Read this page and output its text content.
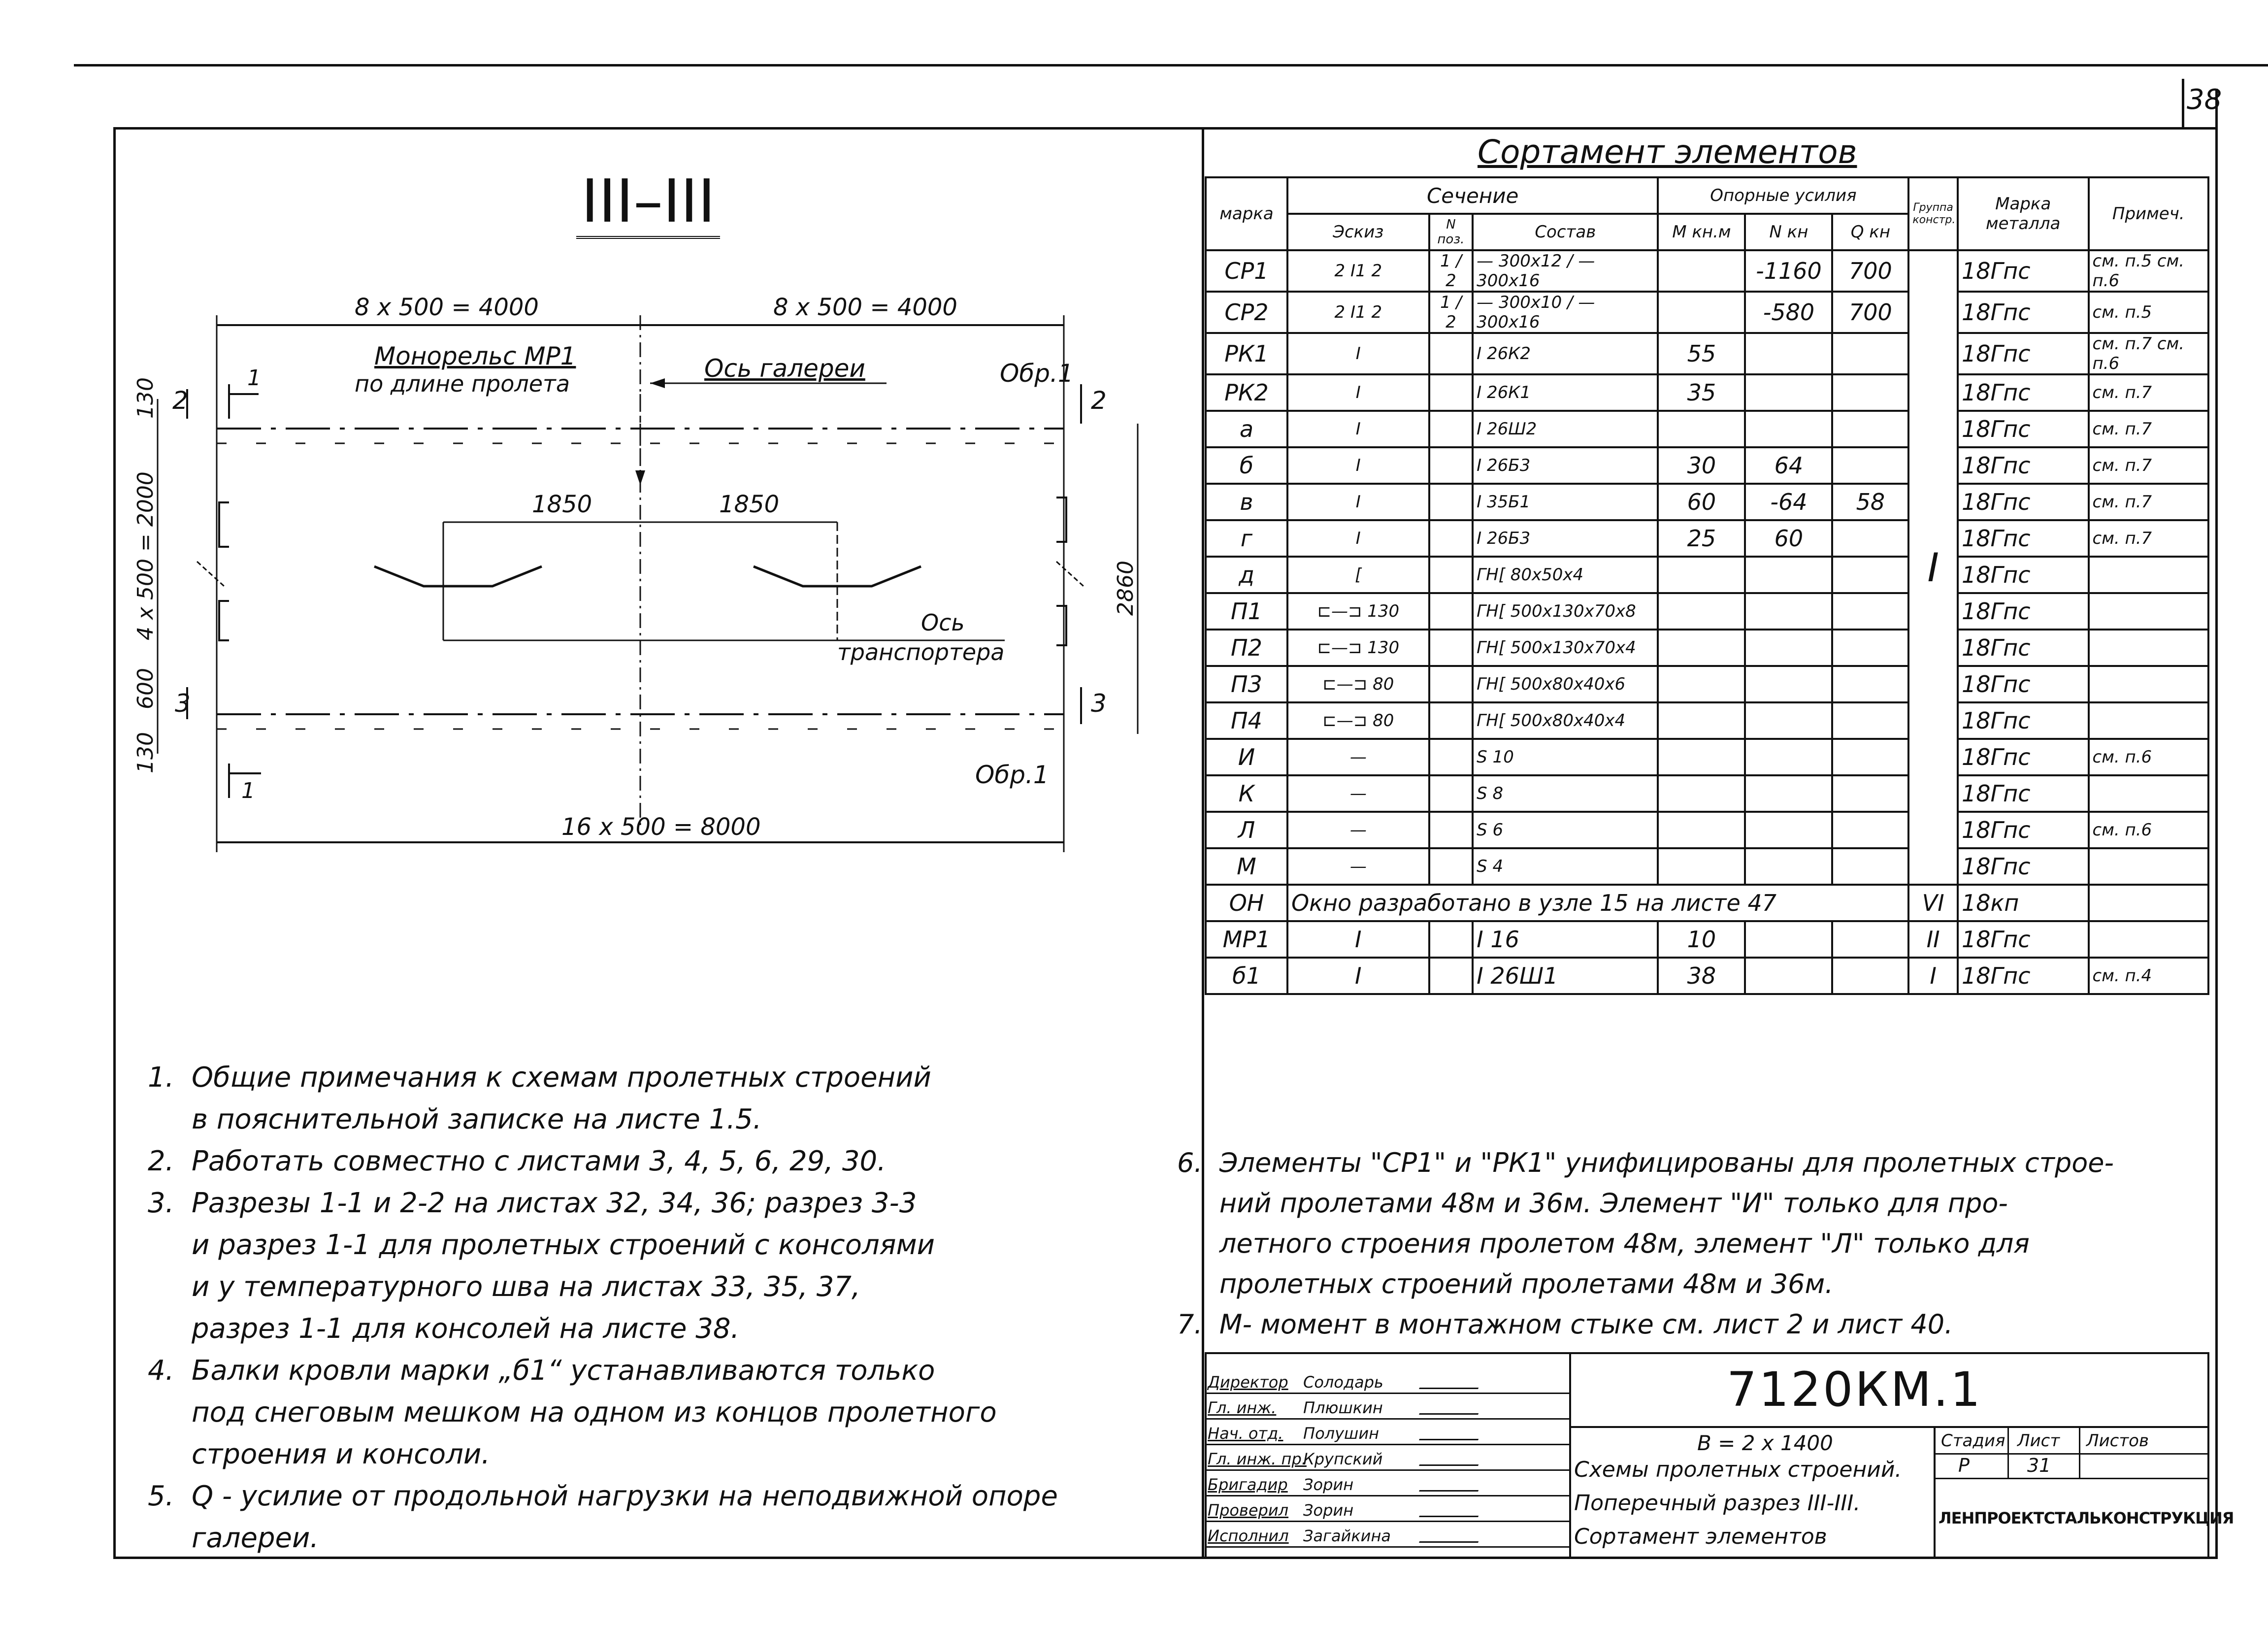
38
III–III
8 x 500 = 4000	8 x 500 = 4000
Монорельс МР1
по длине пролета
Ось галереи	Обр.1
1
2
2
1850	1850
Ось
транспортера
130
4 x 500 = 2000
600
130
3	3
2860
1
Обр.1
16 x 500 = 8000
Сортамент элементов
марка	Сечение			Опорные усилия			Группа констр.	Марка металла	Примеч.
	Эскиз	N поз.	Состав	М кн.м	N кн	Q кн			
СР1	2 I1 2	1 / 2	— 300x12 / — 300x16		-1160	700	I	18Гпс	см. п.5 см. п.6
СР2	2 I1 2	1 / 2	— 300x10 / — 300x16		-580	700		18Гпс	см. п.5
РК1	I		I 26К2	55				18Гпс	см. п.7 см. п.6
РК2	I		I 26К1	35				18Гпс	см. п.7
а	I		I 26Ш2					18Гпс	см. п.7
б	I		I 26Б3	30	64			18Гпс	см. п.7
в	I		I 35Б1	60	-64	58		18Гпс	см. п.7
г	I		I 26Б3	25	60			18Гпс	см. п.7
д	[		ГН[ 80x50x4					18Гпс	
П1	⊏—⊐ 130		ГН[ 500x130x70x8					18Гпс	
П2	⊏—⊐ 130		ГН[ 500x130x70x4					18Гпс	
П3	⊏—⊐ 80		ГН[ 500x80x40x6					18Гпс	
П4	⊏—⊐ 80		ГН[ 500x80x40x4					18Гпс	
И	—		S 10					18Гпс	см. п.6
К	—		S 8					18Гпс	
Л	—		S 6					18Гпс	см. п.6
М	—		S 4					18Гпс	
ОН	Окно разработано в узле 15 на листе 47						VI	18кп	
МР1	I		I 16	10			II	18Гпс	
б1	I		I 26Ш1	38			I	18Гпс	см. п.4
1.  Общие примечания к схемам пролетных строений
в пояснительной записке на листе 1.5.
2.  Работать совместно с листами 3, 4, 5, 6, 29, 30.
3.  Разрезы 1-1 и 2-2 на листах 32, 34, 36; разрез 3-3
и разрез 1-1 для пролетных строений с консолями
и у температурного шва на листах 33, 35, 37,
разрез 1-1 для консолей на листе 38.
4.  Балки кровли марки „б1“ устанавливаются только
под снеговым мешком на одном из концов пролетного
строения и консоли.
5.  Q - усилие от продольной нагрузки на неподвижной опоре
галереи.
6.  Элементы "СР1" и "РК1" унифицированы для пролетных строе-
ний пролетами 48м и 36м. Элемент "И" только для про-
летного строения пролетом 48м, элемент "Л" только для
пролетных строений пролетами 48м и 36м.
7.  М- момент в монтажном стыке см. лист 2 и лист 40.
Директор Солодарь
Гл. инж. Плюшкин
Нач. отд. Полушин
Гл. инж. пр.
Крупский
Бригадир Зорин
Проверил Зорин
Исполнил Загайкина
7120КМ.1
В = 2 х 1400
Схемы пролетных строений.
Поперечный разрез III-III.
Сортамент элементов
Стадия Лист Листов
Р	31
ЛЕНПРОЕКТСТАЛЬКОНСТРУКЦИЯ
